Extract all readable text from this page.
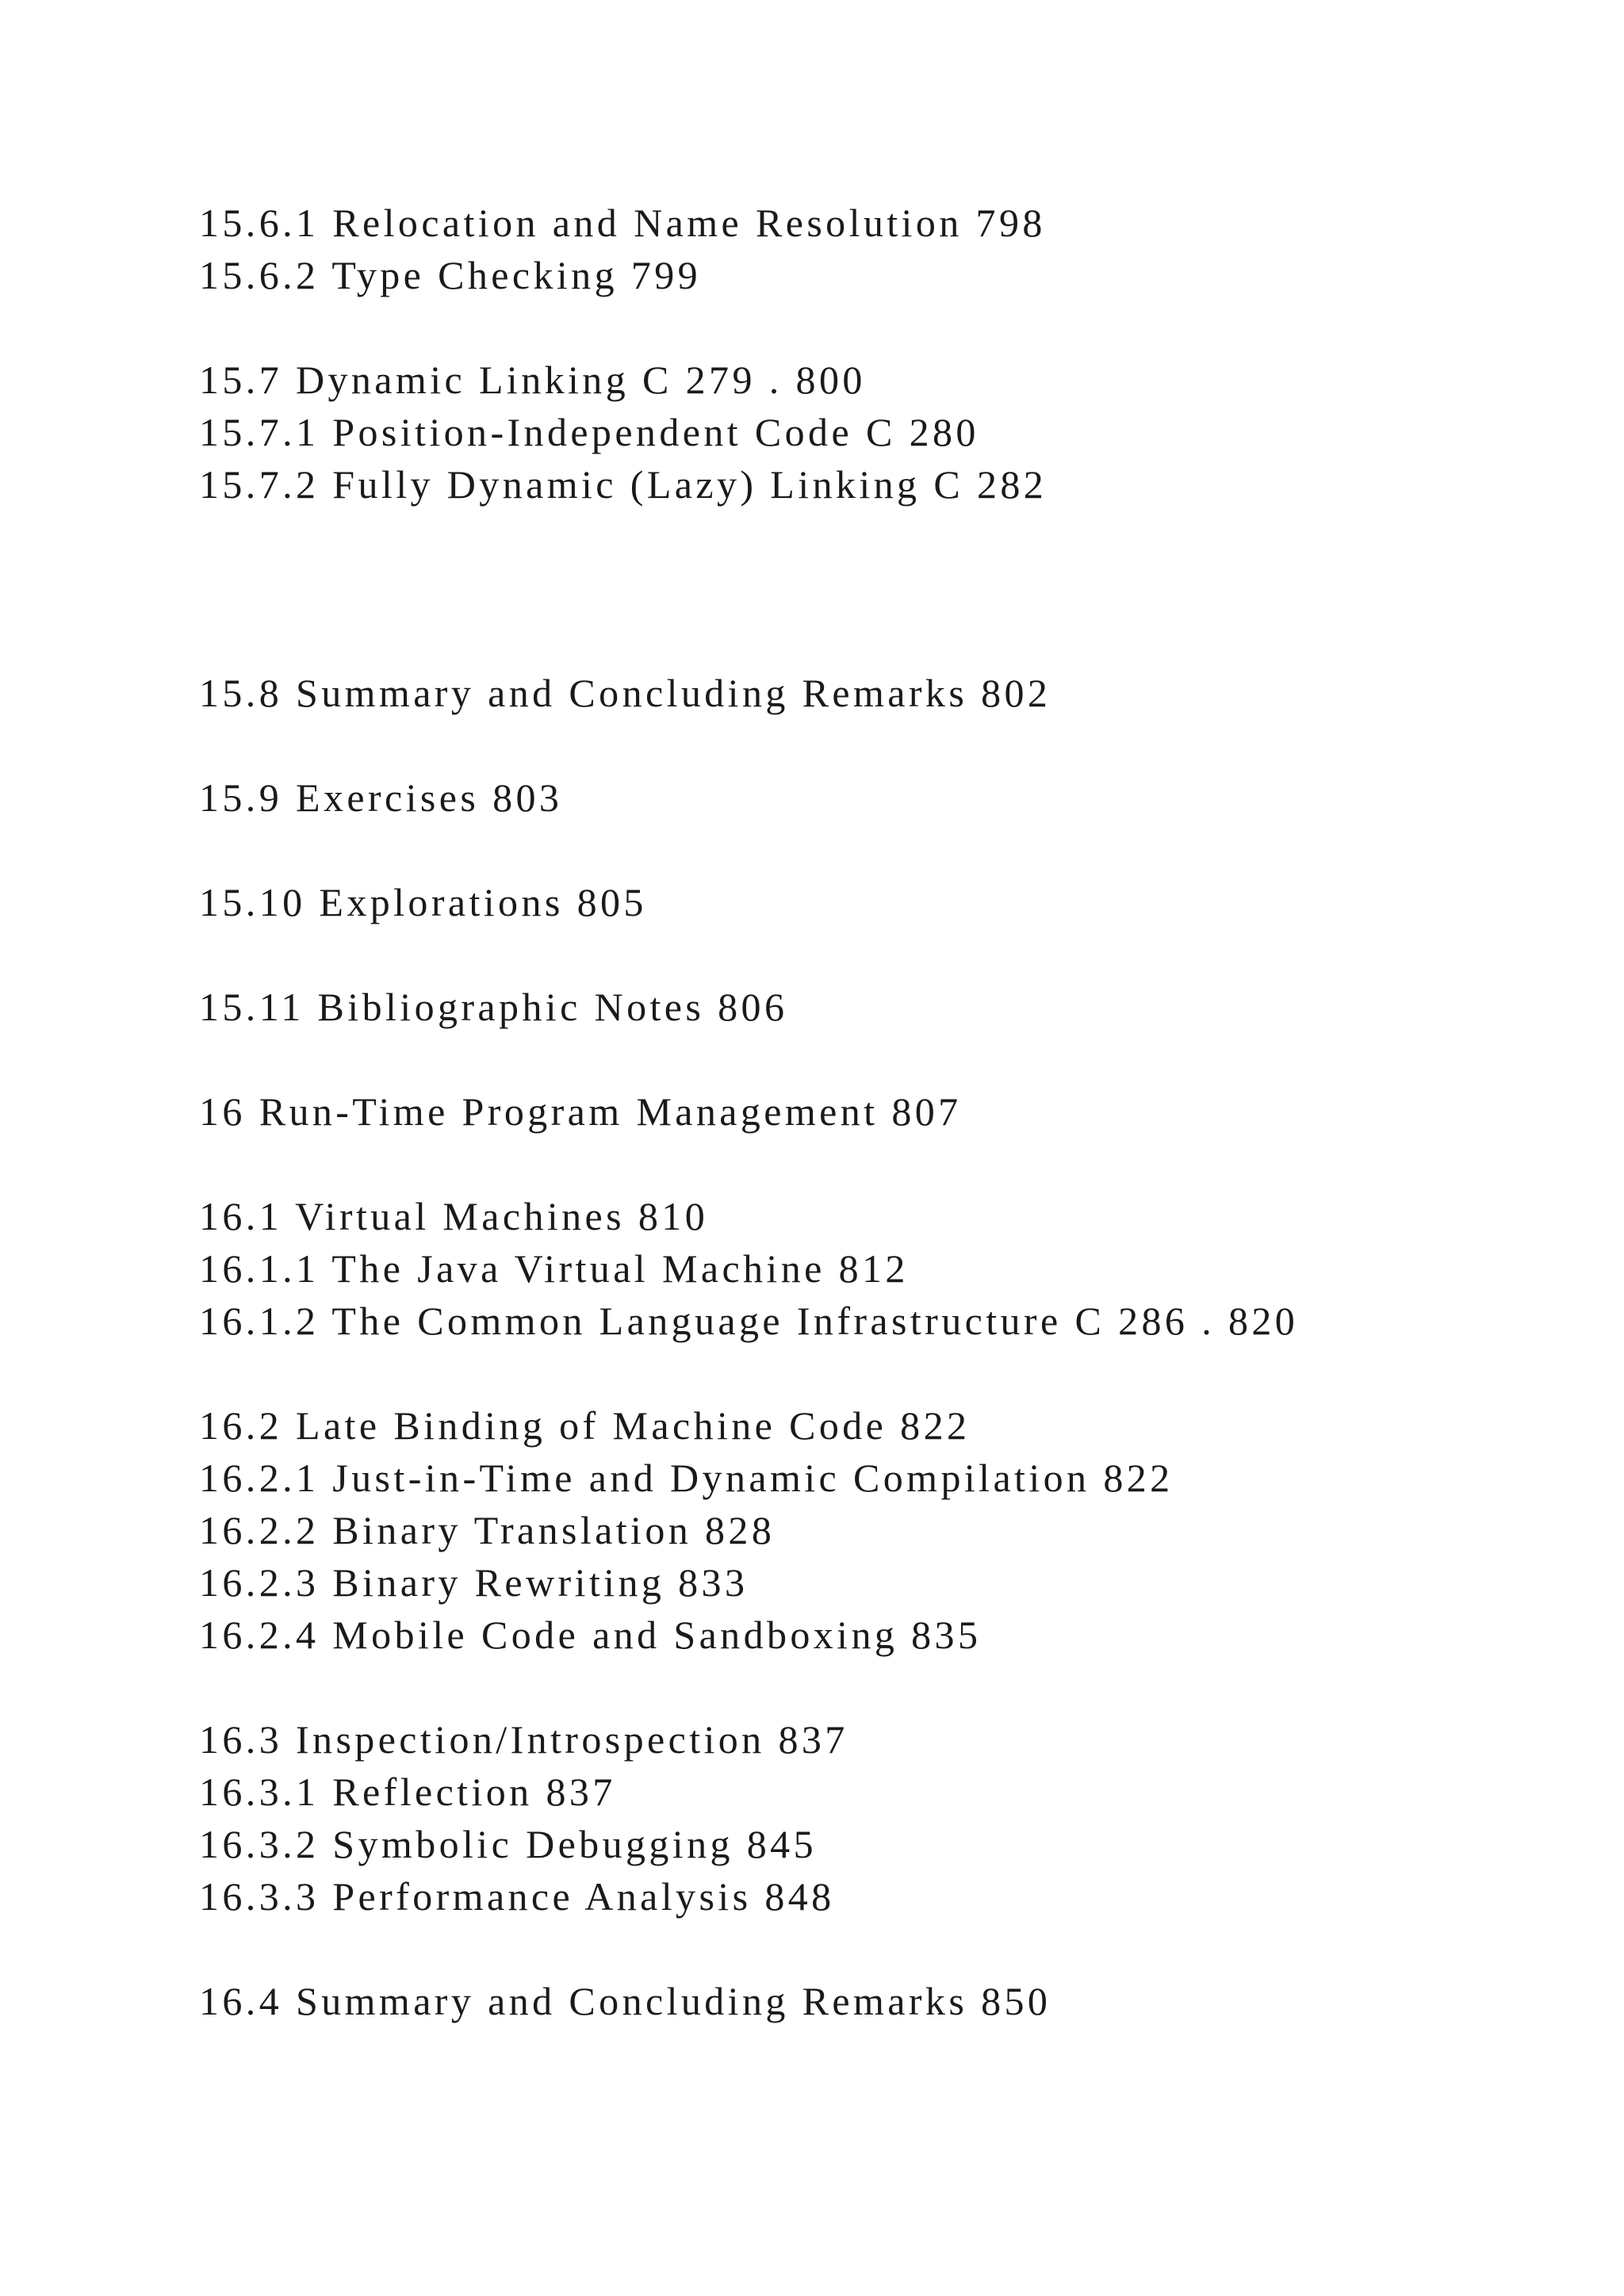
15.6.1 Relocation and Name Resolution 798

15.6.2 Type Checking 799

15.7 Dynamic Linking C 279 . 800

15.7.1 Position-Independent Code C 280

15.7.2 Fully Dynamic (Lazy) Linking C 282

15.8 Summary and Concluding Remarks 802

15.9 Exercises 803

15.10 Explorations 805

15.11 Bibliographic Notes 806

16 Run-Time Program Management 807

16.1 Virtual Machines 810

16.1.1 The Java Virtual Machine 812

16.1.2 The Common Language Infrastructure C 286 . 820

16.2 Late Binding of Machine Code 822

16.2.1 Just-in-Time and Dynamic Compilation 822

16.2.2 Binary Translation 828

16.2.3 Binary Rewriting 833

16.2.4 Mobile Code and Sandboxing 835

16.3 Inspection/Introspection 837

16.3.1 Reflection 837

16.3.2 Symbolic Debugging 845

16.3.3 Performance Analysis 848

16.4 Summary and Concluding Remarks 850
